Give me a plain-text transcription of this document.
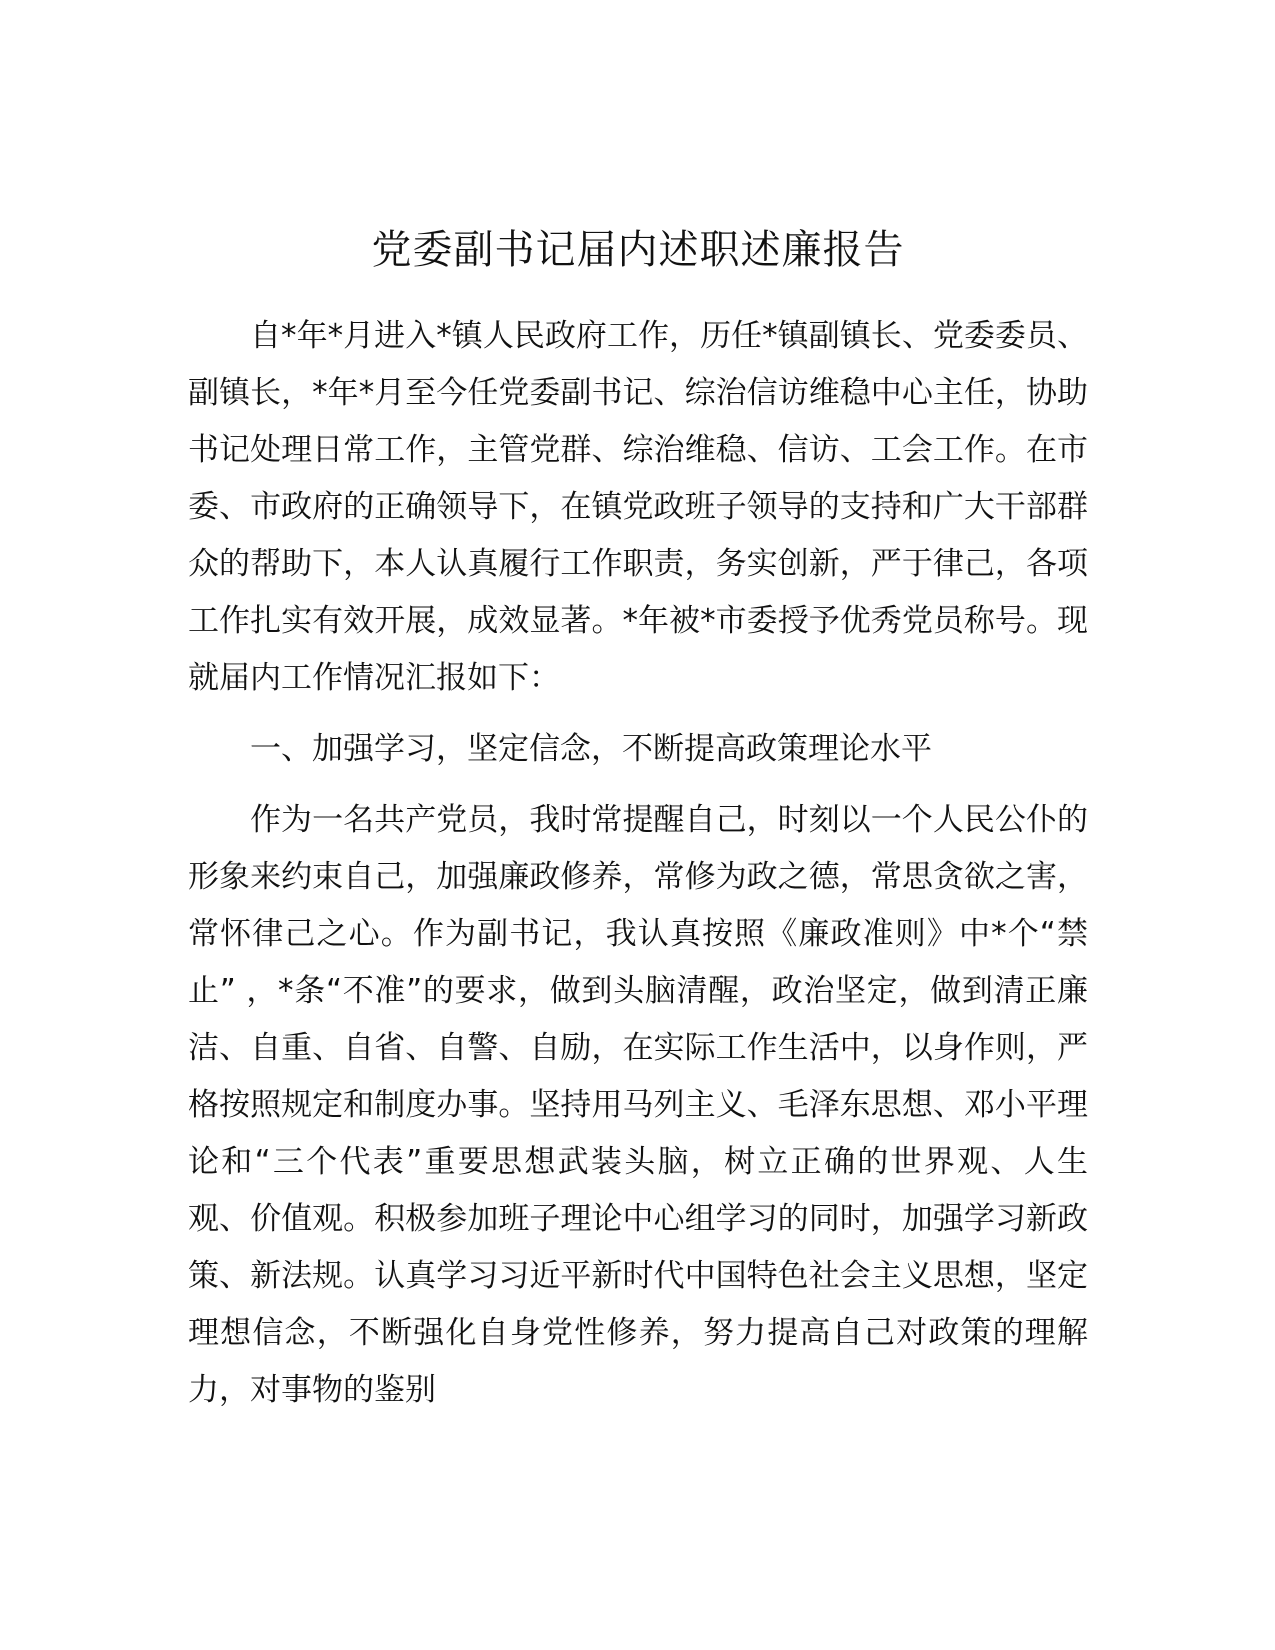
党委副书记届内述职述廉报告

自*年*月进入*镇人民政府工作，历任*镇副镇长、党委委员、副镇长，*年*月至今任党委副书记、综治信访维稳中心主任，协助书记处理日常工作，主管党群、综治维稳、信访、工会工作。在市委、市政府的正确领导下，在镇党政班子领导的支持和广大干部群众的帮助下，本人认真履行工作职责，务实创新，严于律己，各项工作扎实有效开展，成效显著。*年被*市委授予优秀党员称号。现就届内工作情况汇报如下：

一、加强学习，坚定信念，不断提高政策理论水平

作为一名共产党员，我时常提醒自己，时刻以一个人民公仆的形象来约束自己，加强廉政修养，常修为政之德，常思贪欲之害，常怀律己之心。作为副书记，我认真按照《廉政准则》中*个“禁止” ，*条“不准”的要求，做到头脑清醒，政治坚定，做到清正廉洁、自重、自省、自警、自励，在实际工作生活中，以身作则，严格按照规定和制度办事。坚持用马列主义、毛泽东思想、邓小平理论和“三个代表”重要思想武装头脑，树立正确的世界观、人生观、价值观。积极参加班子理论中心组学习的同时，加强学习新政策、新法规。认真学习习近平新时代中国特色社会主义思想，坚定理想信念，不断强化自身党性修养，努力提高自己对政策的理解力，对事物的鉴别
